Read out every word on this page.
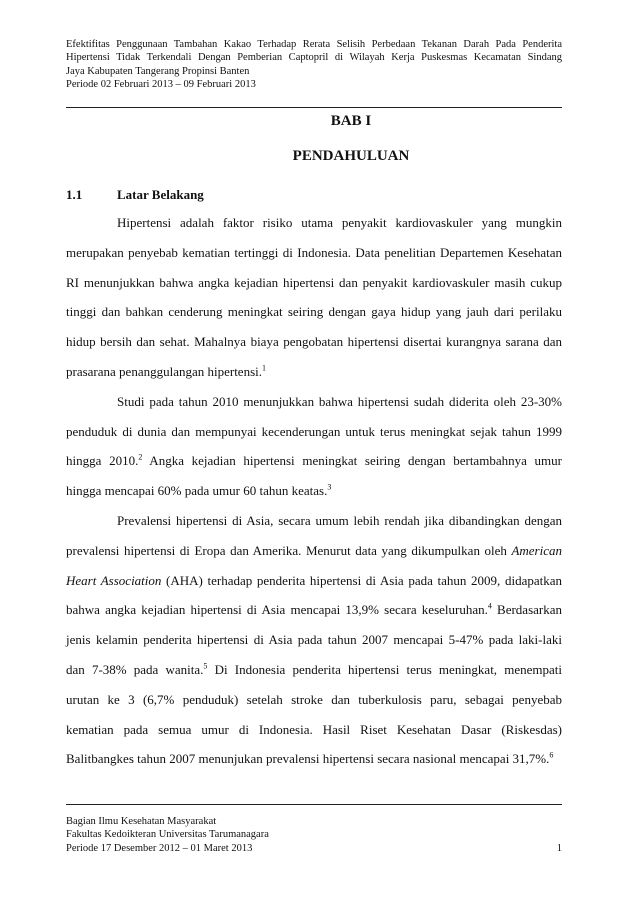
Efektifitas Penggunaan Tambahan Kakao Terhadap Rerata Selisih Perbedaan Tekanan Darah Pada Penderita
Hipertensi Tidak Terkendali Dengan Pemberian Captopril di Wilayah Kerja Puskesmas Kecamatan Sindang
Jaya Kabupaten Tangerang Propinsi Banten
Periode 02 Februari 2013 – 09 Februari 2013
BAB I
PENDAHULUAN
1.1	Latar Belakang
Hipertensi adalah faktor risiko utama penyakit kardiovaskuler yang mungkin
merupakan penyebab kematian tertinggi di Indonesia. Data penelitian Departemen Kesehatan
RI menunjukkan bahwa angka kejadian hipertensi dan penyakit kardiovaskuler masih cukup
tinggi dan bahkan cenderung meningkat seiring dengan gaya hidup yang jauh dari perilaku
hidup bersih dan sehat. Mahalnya biaya pengobatan hipertensi disertai kurangnya sarana dan
prasarana penanggulangan hipertensi.$^1$
Studi pada tahun 2010 menunjukkan bahwa hipertensi sudah diderita oleh 23-30%
penduduk di dunia dan mempunyai kecenderungan untuk terus meningkat sejak tahun 1999
hingga 2010.$^2$ Angka kejadian hipertensi meningkat seiring dengan bertambahnya umur
hingga mencapai 60% pada umur 60 tahun keatas.$^3$
Prevalensi hipertensi di Asia, secara umum lebih rendah jika dibandingkan dengan
prevalensi hipertensi di Eropa dan Amerika. Menurut data yang dikumpulkan oleh American
Heart Association (AHA) terhadap penderita hipertensi di Asia pada tahun 2009, didapatkan
bahwa angka kejadian hipertensi di Asia mencapai 13,9% secara keseluruhan.$^4$ Berdasarkan
jenis kelamin penderita hipertensi di Asia pada tahun 2007 mencapai 5-47% pada laki-laki
dan 7-38% pada wanita.$^5$ Di Indonesia penderita hipertensi terus meningkat, menempati
urutan ke 3 (6,7% penduduk) setelah stroke dan tuberkulosis paru, sebagai penyebab
kematian pada semua umur di Indonesia. Hasil Riset Kesehatan Dasar (Riskesdas)
Balitbangkes tahun 2007 menunjukan prevalensi hipertensi secara nasional mencapai 31,7%.$^6$
Bagian Ilmu Kesehatan Masyarakat
Fakultas Kedoikteran Universitas Tarumanagara
Periode 17 Desember 2012 – 01 Maret 2013	1
